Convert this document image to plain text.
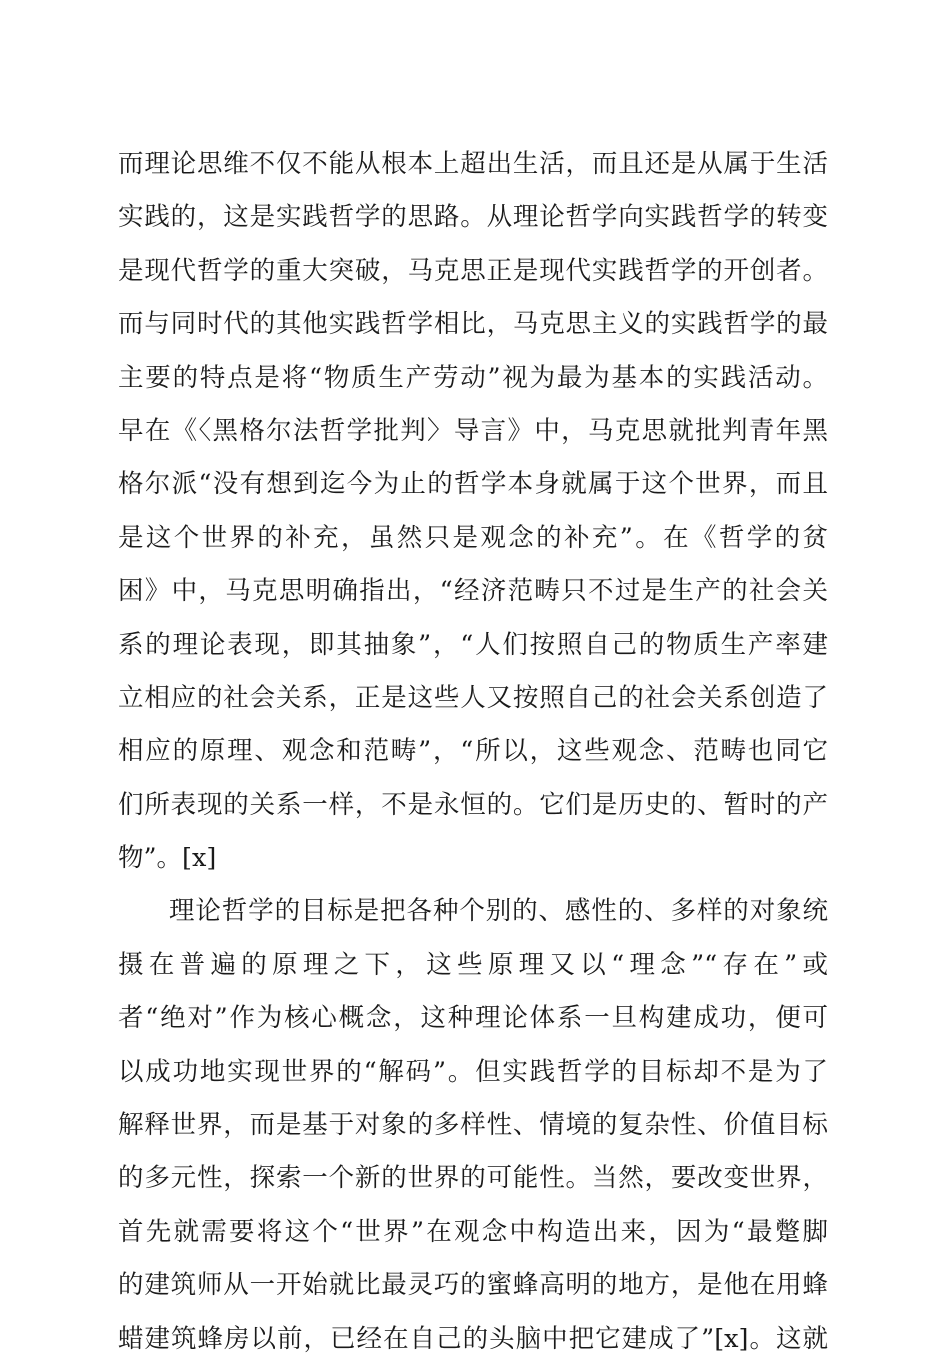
而理论思维不仅不能从根本上超出生活，而且还是从属于生活
实践的，这是实践哲学的思路。从理论哲学向实践哲学的转变
是现代哲学的重大突破，马克思正是现代实践哲学的开创者。
而与同时代的其他实践哲学相比，马克思主义的实践哲学的最
主要的特点是将“物质生产劳动”视为最为基本的实践活动。
早在《〈黑格尔法哲学批判〉导言》中，马克思就批判青年黑
格尔派“没有想到迄今为止的哲学本身就属于这个世界，而且
是这个世界的补充，虽然只是观念的补充”。在《哲学的贫
困》中，马克思明确指出，“经济范畴只不过是生产的社会关
系的理论表现，即其抽象”，“人们按照自己的物质生产率建
立相应的社会关系，正是这些人又按照自己的社会关系创造了
相应的原理、观念和范畴”，“所以，这些观念、范畴也同它
们所表现的关系一样，不是永恒的。它们是历史的、暂时的产
物”。[x]
理论哲学的目标是把各种个别的、感性的、多样的对象统
摄在普遍的原理之下，这些原理又以“理念”“存在”或
者“绝对”作为核心概念，这种理论体系一旦构建成功，便可
以成功地实现世界的“解码”。但实践哲学的目标却不是为了
解释世界，而是基于对象的多样性、情境的复杂性、价值目标
的多元性，探索一个新的世界的可能性。当然，要改变世界，
首先就需要将这个“世界”在观念中构造出来，因为“最蹩脚
的建筑师从一开始就比最灵巧的蜜蜂高明的地方，是他在用蜂
蜡建筑蜂房以前，已经在自己的头脑中把它建成了”[x]。这就
